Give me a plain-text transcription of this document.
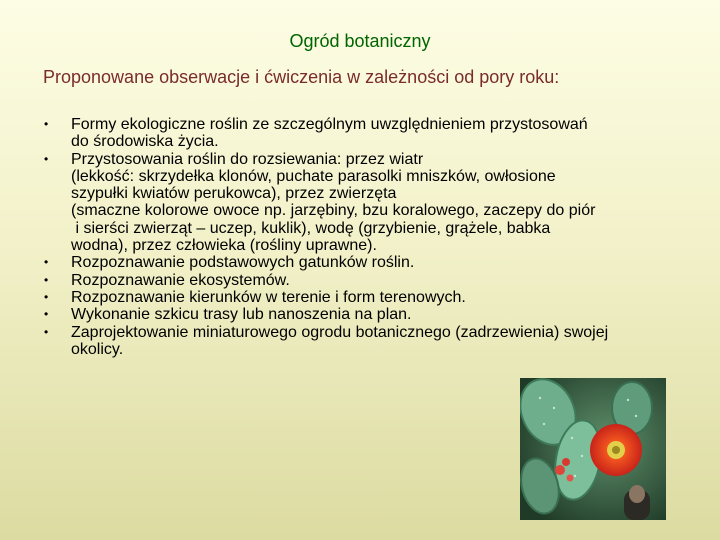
Ogród botaniczny
Proponowane obserwacje i ćwiczenia w zależności od pory roku:
• Formy ekologiczne roślin ze szczególnym uwzględnieniem przystosowań
do środowiska życia.
• Przystosowania roślin do rozsiewania: przez wiatr
(lekkość: skrzydełka klonów, puchate parasolki mniszków, owłosione
szypułki kwiatów perukowca), przez zwierzęta
(smaczne kolorowe owoce np. jarzębiny, bzu koralowego, zaczepy do piór
i sierści zwierząt – uczep, kuklik), wodę (grzybienie, grążele, babka
wodna), przez człowieka (rośliny uprawne).
• Rozpoznawanie podstawowych gatunków roślin.
• Rozpoznawanie ekosystemów.
• Rozpoznawanie kierunków w terenie i form terenowych.
• Wykonanie szkicu trasy lub nanoszenia na plan.
• Zaprojektowanie miniaturowego ogrodu botanicznego (zadrzewienia) swojej
okolicy.
